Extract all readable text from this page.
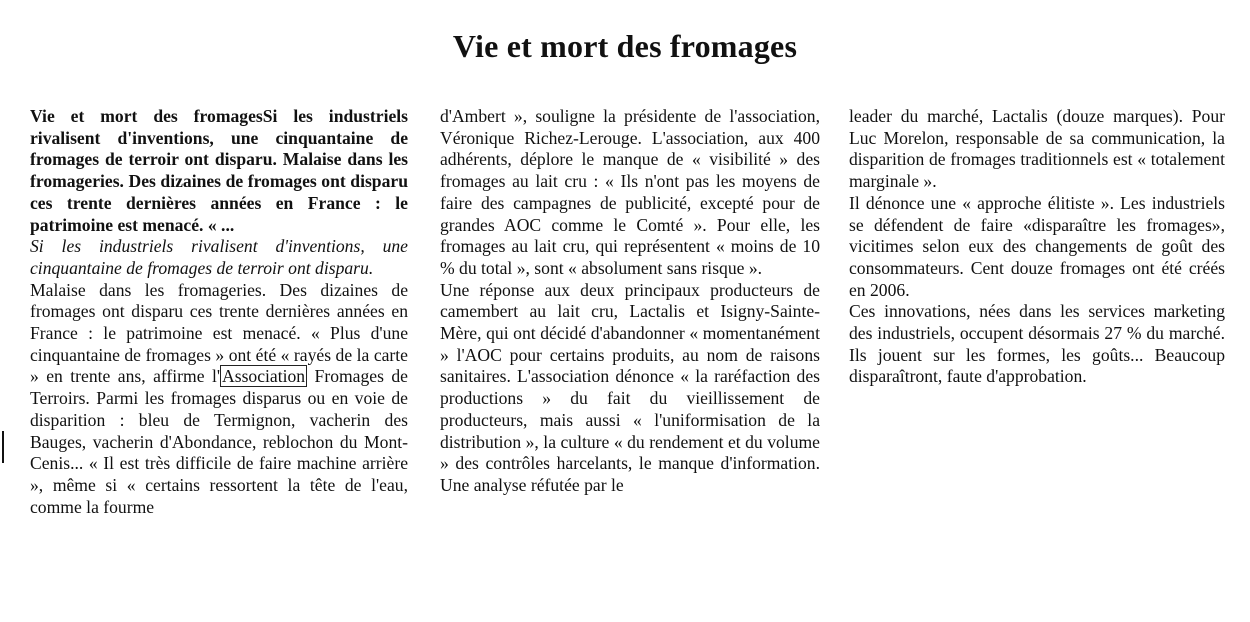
Vie et mort des fromages

Vie et mort des fromagesSi les industriels rivalisent d'inventions, une cinquantaine de fromages de terroir ont disparu. Malaise dans les fromageries. Des dizaines de fromages ont disparu ces trente dernières années en France : le patrimoine est menacé. « ...

Si les industriels rivalisent d'inventions, une cinquantaine de fromages de terroir ont disparu.

Malaise dans les fromageries. Des dizaines de fromages ont disparu ces trente dernières années en France : le patrimoine est menacé. « Plus d'une cinquantaine de fromages » ont été « rayés de la carte » en trente ans, affirme l' Association Fromages de Terroirs. Parmi les fromages disparus ou en voie de disparition : bleu de Termignon, vacherin des Bauges, vacherin d'Abondance, reblochon du Mont-Cenis... « Il est très difficile de faire machine arrière », même si « certains ressortent la tête de l'eau, comme la fourme

d'Ambert », souligne la présidente de l'association, Véronique Richez-Lerouge. L'association, aux 400 adhérents, déplore le manque de « visibilité » des fromages au lait cru : « Ils n'ont pas les moyens de faire des campagnes de publicité, excepté pour de grandes AOC comme le Comté ». Pour elle, les fromages au lait cru, qui représentent « moins de 10 % du total », sont « absolument sans risque ».

Une réponse aux deux principaux producteurs de camembert au lait cru, Lactalis et Isigny-Sainte-Mère, qui ont décidé d'abandonner « momentanément » l'AOC pour certains produits, au nom de raisons sanitaires. L'association dénonce « la raréfaction des productions » du fait du vieillissement de producteurs, mais aussi « l'uniformisation de la distribution », la culture « du rendement et du volume » des contrôles harcelants, le manque d'information. Une analyse réfutée par le

leader du marché, Lactalis (douze marques). Pour Luc Morelon, responsable de sa communication, la disparition de fromages traditionnels est « totalement marginale ».

Il dénonce une « approche élitiste ». Les industriels se défendent de faire «disparaître les fromages», vicitimes selon eux des changements de goût des consommateurs. Cent douze fromages ont été créés en 2006.

Ces innovations, nées dans les services marketing des industriels, occupent désormais 27 % du marché. Ils jouent sur les formes, les goûts... Beaucoup disparaîtront, faute d'approbation.
